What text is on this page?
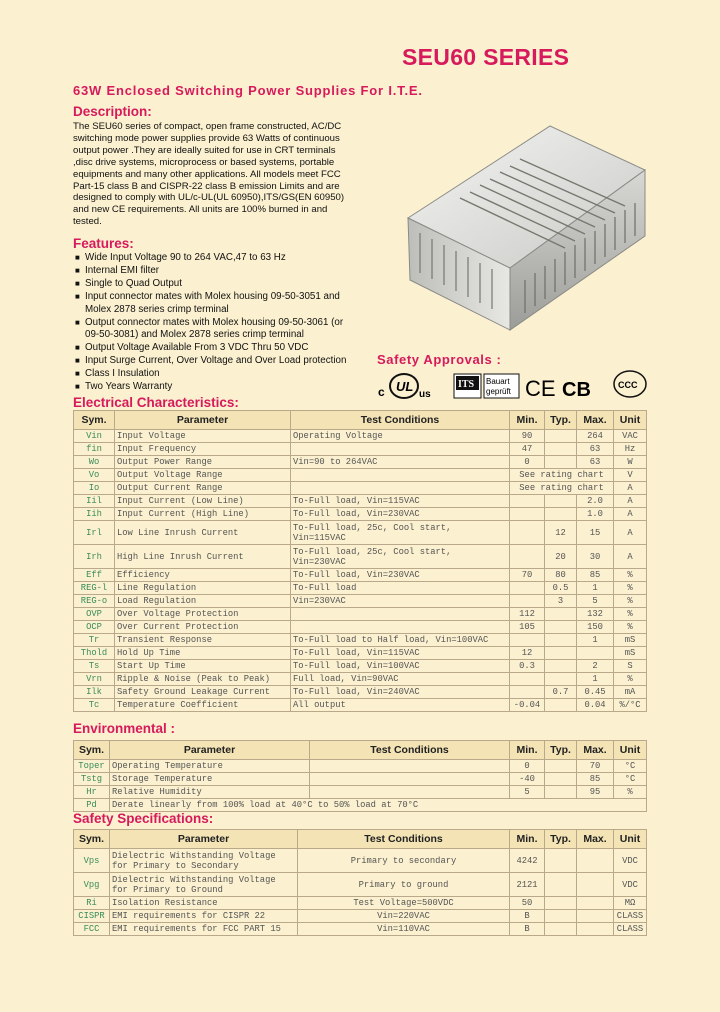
SEU60 SERIES
63W Enclosed Switching Power Supplies For I.T.E.
Description:
The SEU60 series of compact, open frame constructed, AC/DC
switching mode power supplies provide 63 Watts of continuous
output power .They are ideally suited for use in CRT terminals
,disc drive systems, microprocess or based systems, portable
equipments and many other applications. All models meet FCC
Part-15 class B and CISPR-22 class B emission Limits and are
designed to comply with UL/c-UL(UL 60950),ITS/GS(EN 60950)
and new CE requirements. All units are 100% burned in and
tested.
Features:
■ Wide Input Voltage 90 to 264 VAC,47 to 63 Hz
■ Internal EMI filter
■ Single to Quad Output
■ Input connector mates with Molex housing 09-50-3051 and
Molex 2878 series crimp terminal
■ Output connector mates with Molex housing 09-50-3061 (or
09-50-3081) and Molex 2878 series crimp terminal
■ Output Voltage Available From 3 VDC Thru 50 VDC
■ Input Surge Current, Over Voltage and Over Load protection
■ Class I Insulation
■ Two Years Warranty
Safety Approvals :
c UL
us
ITS Bauart
geprüft CE CB	CCC
Electrical Characteristics:
Sym.	Parameter	Test Conditions	Min.	Typ.	Max.	Unit
Vin	Input Voltage	Operating Voltage	90		264	VAC
fin	Input Frequency		47		63	Hz
Wo	Output Power Range	Vin=90 to 264VAC	0		63	W
Vo	Output Voltage Range		See rating chart			V
Io	Output Current Range		See rating chart			A
Iil	Input Current (Low Line)	To-Full load, Vin=115VAC			2.0	A
Iih	Input Current (High Line)	To-Full load, Vin=230VAC			1.0	A
Irl	Low Line Inrush Current	To-Full load, 25c, Cool start, Vin=115VAC		12	15	A
Irh	High Line Inrush Current	To-Full load, 25c, Cool start, Vin=230VAC		20	30	A
Eff	Efficiency	To-Full load, Vin=230VAC	70	80	85	%
REG-l	Line Regulation	To-Full load		0.5	1	%
REG-o	Load Regulation	Vin=230VAC		3	5	%
OVP	Over Voltage Protection		112		132	%
OCP	Over Current Protection		105		150	%
Tr	Transient Response	To-Full load to Half load, Vin=100VAC			1	mS
Thold	Hold Up Time	To-Full load, Vin=115VAC	12			mS
Ts	Start Up Time	To-Full load, Vin=100VAC	0.3		2	S
Vrn	Ripple & Noise (Peak to Peak)	Full load, Vin=90VAC			1	%
Ilk	Safety Ground Leakage Current	To-Full load, Vin=240VAC		0.7	0.45	mA
Tc	Temperature Coefficient	All output	-0.04		0.04	%/°C
Environmental :
Sym.	Parameter	Test Conditions	Min.	Typ.	Max.	Unit
Toper	Operating Temperature		0		70	°C
Tstg	Storage Temperature		-40		85	°C
Hr	Relative Humidity		5		95	%
Pd	Derate linearly from 100% load at 40°C to 50% load at 70°C					
Safety Specifications:
Sym.	Parameter	Test Conditions	Min.	Typ.	Max.	Unit
Vps	Dielectric Withstanding Voltage for Primary to Secondary	Primary to secondary	4242			VDC
Vpg	Dielectric Withstanding Voltage for Primary to Ground	Primary to ground	2121			VDC
Ri	Isolation Resistance	Test Voltage=500VDC	50			MΩ
CISPR	EMI requirements for CISPR 22	Vin=220VAC	B			CLASS
FCC	EMI requirements for FCC PART 15	Vin=110VAC	B			CLASS
